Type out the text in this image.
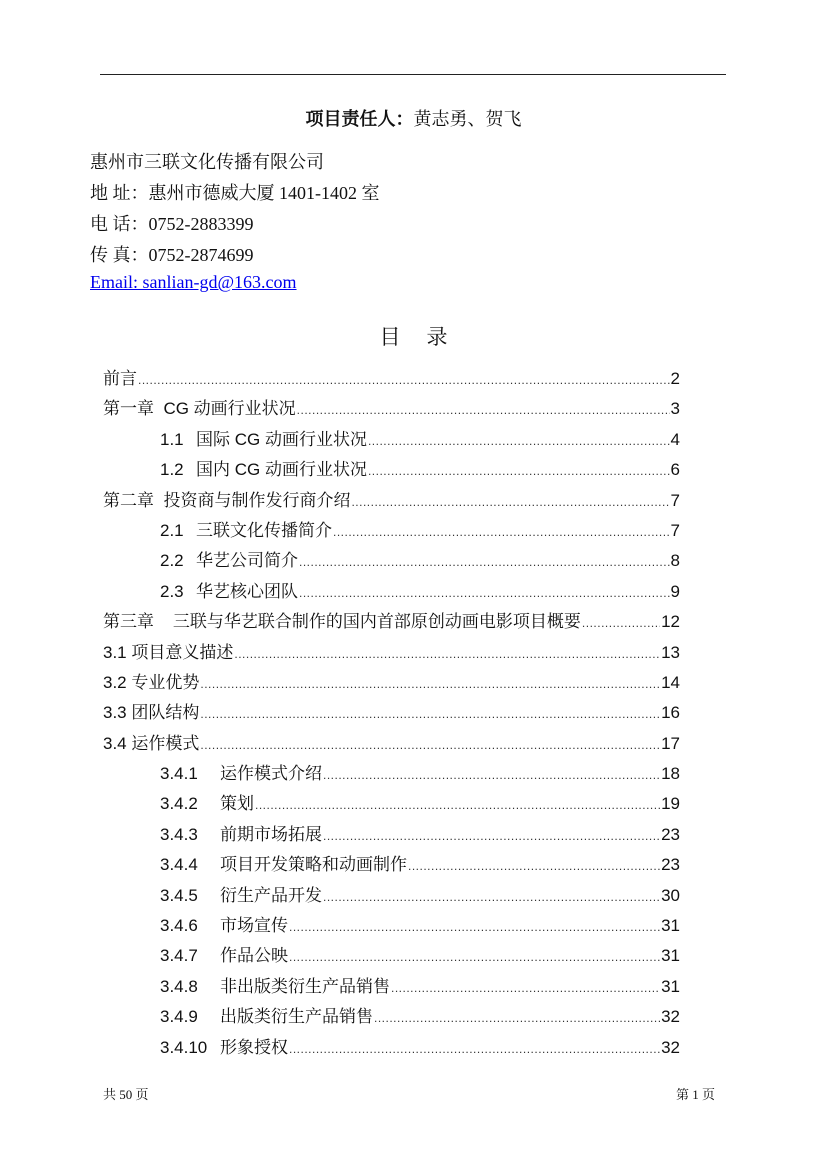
项目责任人：黄志勇、贺飞
惠州市三联文化传播有限公司
地 址：惠州市德威大厦 1401-1402 室
电 话：0752-2883399
传 真：0752-2874699
Email: sanlian-gd@163.com
目录
前言 .....	2
第一章  CG 动画行业状况 .....	3
1.1 国际 CG 动画行业状况 .....	4
1.2 国内 CG 动画行业状况 .....	6
第二章  投资商与制作发行商介绍 .....	7
2.1 三联文化传播简介 .....	7
2.2 华艺公司简介 .....	8
2.3 华艺核心团队 .....	9
第三章    三联与华艺联合制作的国内首部原创动画电影项目概要 .....	12
3.1 项目意义描述 .....	13
3.2 专业优势 .....	14
3.3 团队结构 .....	16
3.4 运作模式 .....	17
3.4.1 运作模式介绍 .....	18
3.4.2 策划 .....	19
3.4.3 前期市场拓展 .....	23
3.4.4 项目开发策略和动画制作 .....	23
3.4.5 衍生产品开发 .....	30
3.4.6 市场宣传 .....	31
3.4.7 作品公映 .....	31
3.4.8 非出版类衍生产品销售 .....	31
3.4.9 出版类衍生产品销售 .....	32
3.4.10 形象授权 .....	32
共 50 页	第 1 页
